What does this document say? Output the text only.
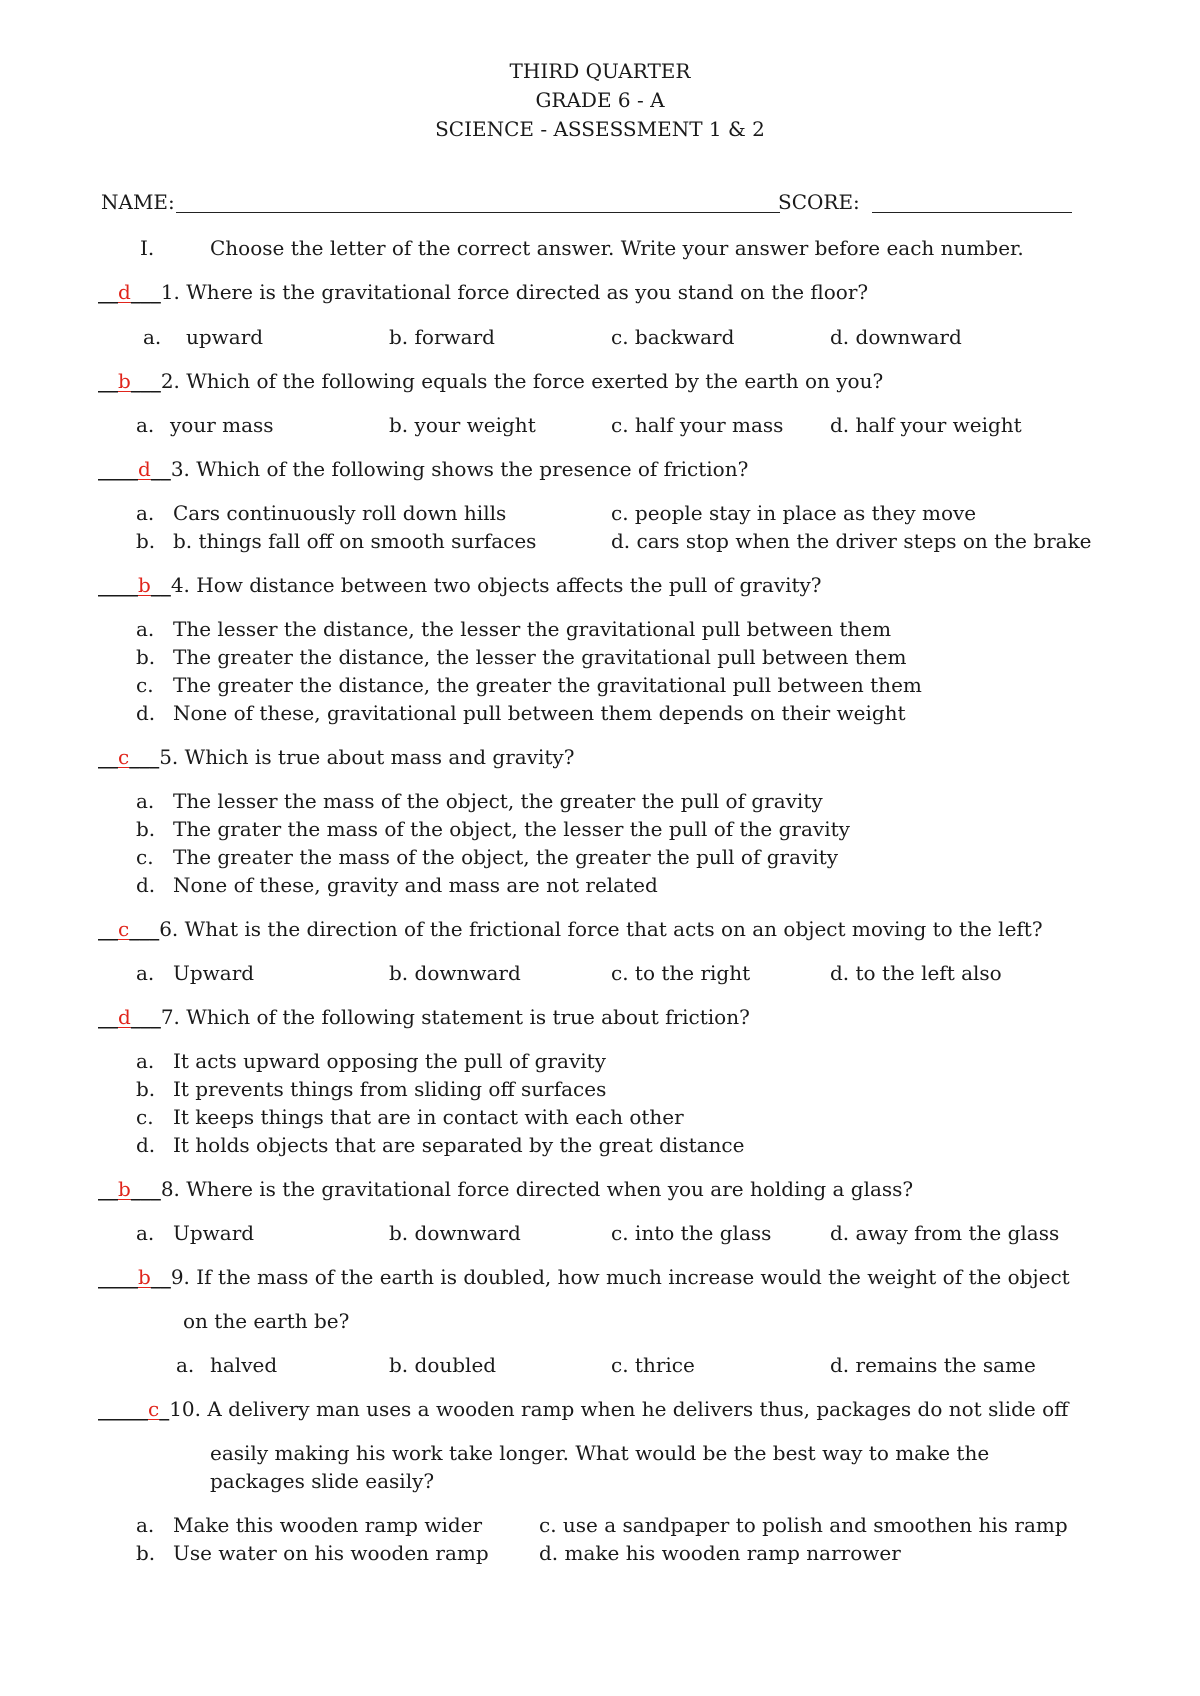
THIRD QUARTER
GRADE 6 - A
SCIENCE - ASSESSMENT 1 & 2
NAME:	SCORE:
I.	Choose the letter of the correct answer. Write your answer before each number.
__d___1. Where is the gravitational force directed as you stand on the floor?
a. upward	b. forward	c. backward	d. downward
__b___2. Which of the following equals the force exerted by the earth on you?
a. your mass	b. your weight	c. half your mass d. half your weight
____d__3. Which of the following shows the presence of friction?
a. Cars continuously roll down hills	c. people stay in place as they move
b. b. things fall off on smooth surfaces	d. cars stop when the driver steps on the brake
____b__4. How distance between two objects affects the pull of gravity?
a. The lesser the distance, the lesser the gravitational pull between them
b. The greater the distance, the lesser the gravitational pull between them
c. The greater the distance, the greater the gravitational pull between them
d. None of these, gravitational pull between them depends on their weight
__c___5. Which is true about mass and gravity?
a. The lesser the mass of the object, the greater the pull of gravity
b. The grater the mass of the object, the lesser the pull of the gravity
c. The greater the mass of the object, the greater the pull of gravity
d. None of these, gravity and mass are not related
__c___6. What is the direction of the frictional force that acts on an object moving to the left?
a. Upward	b. downward	c. to the right	d. to the left also
__d___7. Which of the following statement is true about friction?
a. It acts upward opposing the pull of gravity
b. It prevents things from sliding off surfaces
c. It keeps things that are in contact with each other
d. It holds objects that are separated by the great distance
__b___8. Where is the gravitational force directed when you are holding a glass?
a. Upward	b. downward	c. into the glass	d. away from the glass
____b__9. If the mass of the earth is doubled, how much increase would the weight of the object
on the earth be?
a. halved	b. doubled	c. thrice	d. remains the same
_____c_10. A delivery man uses a wooden ramp when he delivers thus, packages do not slide off
easily making his work take longer. What would be the best way to make the
packages slide easily?
a. Make this wooden ramp wider	c. use a sandpaper to polish and smoothen his ramp
b. Use water on his wooden ramp	d. make his wooden ramp narrower
